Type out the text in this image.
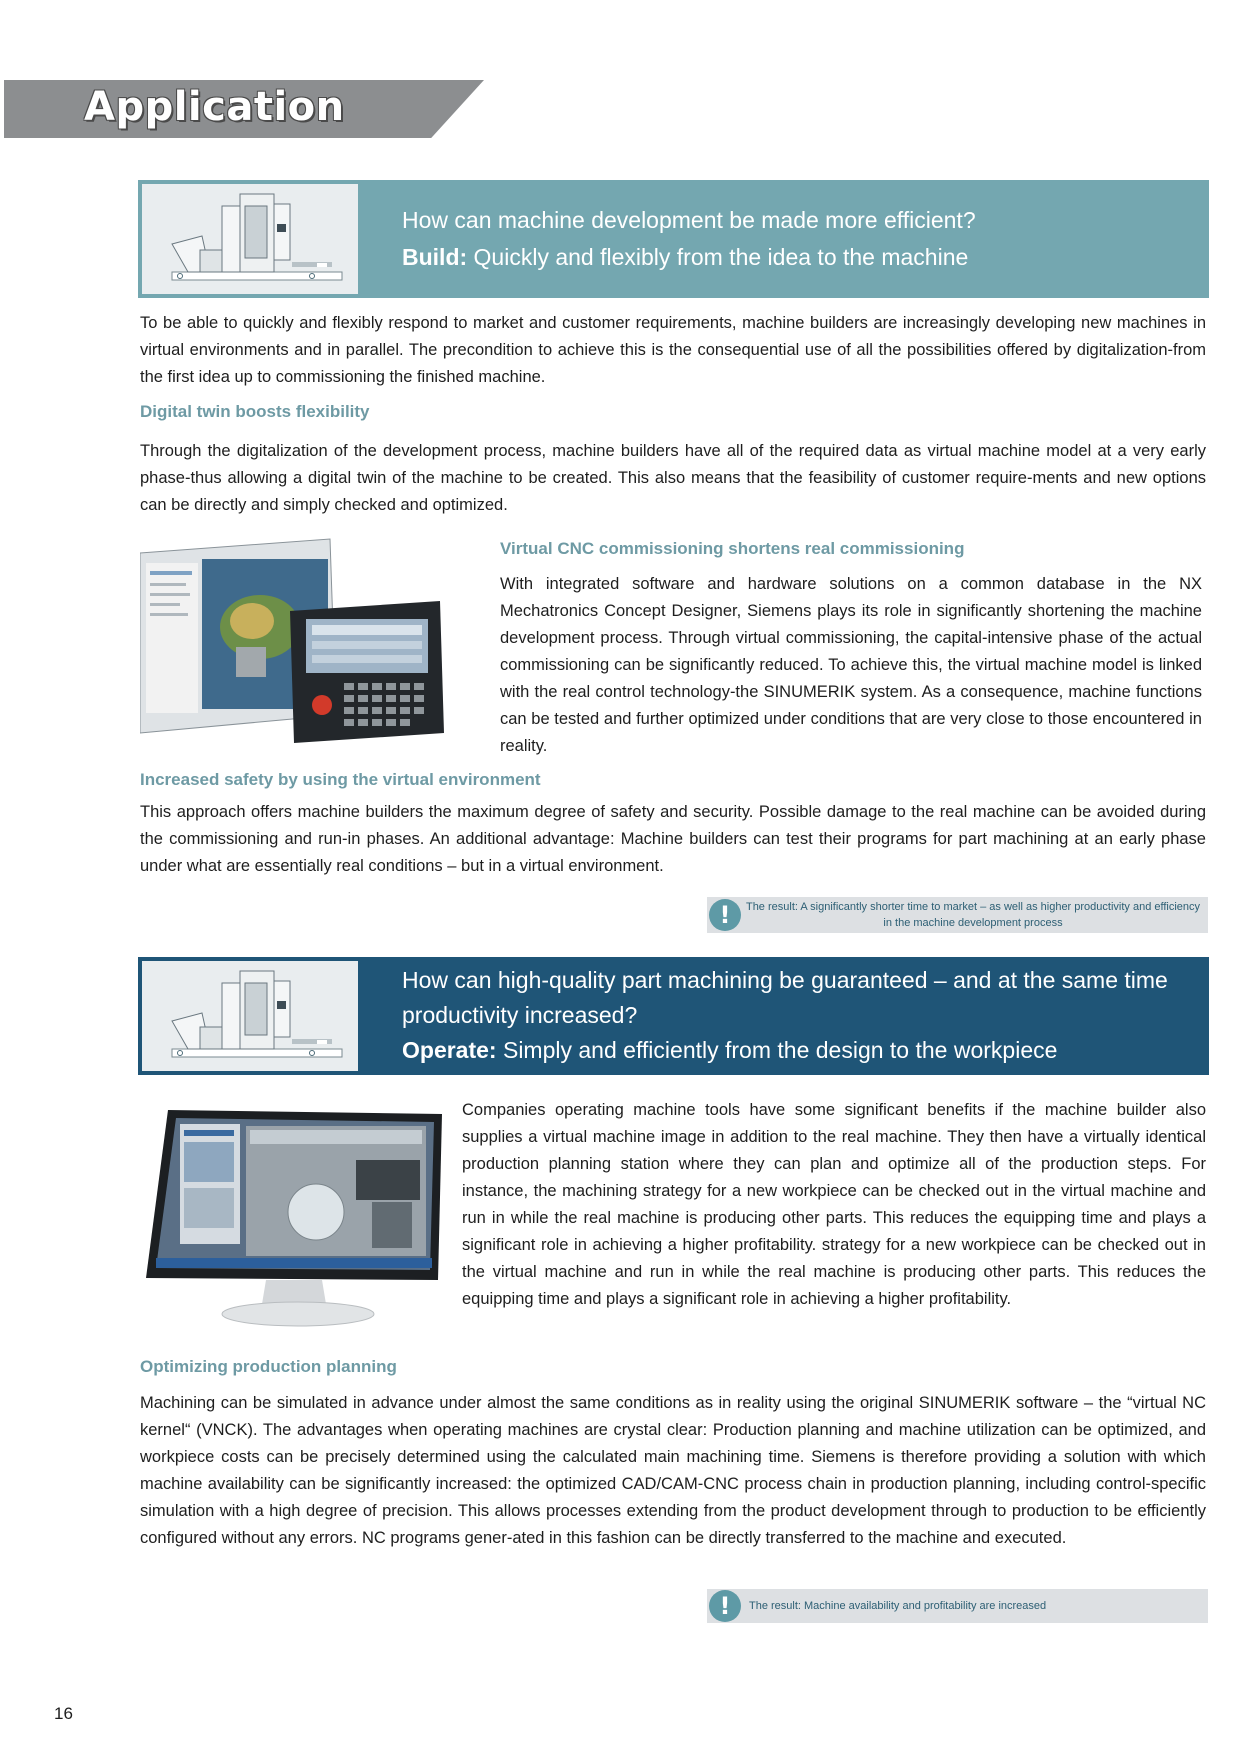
Application

How can machine development be made more efficient?

Build: Quickly and flexibly from the idea to the machine

To be able to quickly and flexibly respond to market and customer requirements, machine builders are increasingly developing new machines in virtual environments and in parallel. The precondition to achieve this is the consequential use of all the possibilities offered by digitalization-from the first idea up to commissioning the finished machine.

Digital twin boosts flexibility

Through the digitalization of the development process, machine builders have all of the required data as virtual machine model at a very early phase-thus allowing a digital twin of the machine to be created. This also means that the feasibility of customer require-ments and new options can be directly and simply checked and optimized.

Virtual CNC commissioning shortens real commissioning

With integrated software and hardware solutions on a common database in the NX Mechatronics Concept Designer, Siemens plays its role in significantly shortening the machine development process. Through virtual commissioning, the capital-intensive phase of the actual commissioning can be significantly reduced. To achieve this, the virtual machine model is linked with the real control technology-the SINUMERIK system. As a consequence, machine functions can be tested and further optimized under conditions that are very close to those encountered in reality.

Increased safety by using the virtual environment

This approach offers machine builders the maximum degree of safety and security. Possible damage to the real machine can be avoided during the commissioning and run-in phases. An additional advantage: Machine builders can test their programs for part machining at an early phase under what are essentially real conditions – but in a virtual environment.

!	The result: A significantly shorter time to market – as well as higher productivity and efficiency
in the machine development process

How can high-quality part machining be guaranteed – and at the same time productivity increased?

Operate: Simply and efficiently from the design to the workpiece

Companies operating machine tools have some significant benefits if the machine builder also supplies a virtual machine image in addition to the real machine. They then have a virtually identical production planning station where they can plan and optimize all of the production steps. For instance, the machining strategy for a new workpiece can be checked out in the virtual machine and run in while the real machine is producing other parts. This reduces the equipping time and plays a significant role in achieving a higher profitability. strategy for a new workpiece can be checked out in the virtual machine and run in while the real machine is producing other parts. This reduces the equipping time and plays a significant role in achieving a higher profitability.

Optimizing production planning

Machining can be simulated in advance under almost the same conditions as in reality using the original SINUMERIK software – the “virtual NC kernel“ (VNCK). The advantages when operating machines are crystal clear: Production planning and machine utilization can be optimized, and workpiece costs can be precisely determined using the calculated main machining time. Siemens is therefore providing a solution with which machine availability can be significantly increased: the optimized CAD/CAM-CNC process chain in production planning, including control-specific simulation with a high degree of precision. This allows processes extending from the product development through to production to be efficiently configured without any errors. NC programs gener-ated in this fashion can be directly transferred to the machine and executed.

!	The result: Machine availability and profitability are increased

16
